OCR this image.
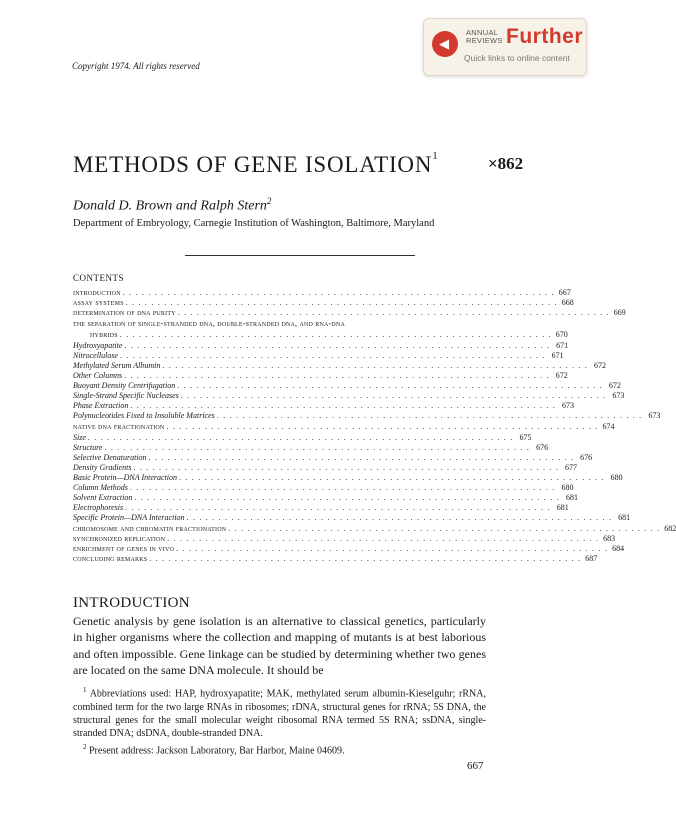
◀
ANNUAL REVIEWS Further
Quick links to online content
Copyright 1974. All rights reserved
METHODS OF GENE $ISOLATION^1$	×862
Donald D. Brown and Ralph Stern$^2$
Department of Embryology, Carnegie Institution of Washington, Baltimore, Maryland
CONTENTS
introduction . . . . . . . . . . . . . . . . . . . . . . . . . . . . . . . . . . . . . . . . . . . . . . . . . . . . . . . . . . . . . . . . . . . . 667
assay systems . . . . . . . . . . . . . . . . . . . . . . . . . . . . . . . . . . . . . . . . . . . . . . . . . . . . . . . . . . . . . . . . . . . . 668
determination of dna purity . . . . . . . . . . . . . . . . . . . . . . . . . . . . . . . . . . . . . . . . . . . . . . . . . . . . . . . . . . . . . . . . . . . . 669
the separation of single-stranded dna, double-stranded dna, and rna-dna
hybrids . . . . . . . . . . . . . . . . . . . . . . . . . . . . . . . . . . . . . . . . . . . . . . . . . . . . . . . . . . . . . . . . . . . . 670
Hydroxyapatite . . . . . . . . . . . . . . . . . . . . . . . . . . . . . . . . . . . . . . . . . . . . . . . . . . . . . . . . . . . . . . . . . . . 671
Nitrocellulose . . . . . . . . . . . . . . . . . . . . . . . . . . . . . . . . . . . . . . . . . . . . . . . . . . . . . . . . . . . . . . . . . . . 671
Methylated Serum Albumin . . . . . . . . . . . . . . . . . . . . . . . . . . . . . . . . . . . . . . . . . . . . . . . . . . . . . . . . . . . . . . . . . . . 672
Other Columns . . . . . . . . . . . . . . . . . . . . . . . . . . . . . . . . . . . . . . . . . . . . . . . . . . . . . . . . . . . . . . . . . . . 672
Buoyant Density Centrifugation . . . . . . . . . . . . . . . . . . . . . . . . . . . . . . . . . . . . . . . . . . . . . . . . . . . . . . . . . . . . . . . . . . . 672
Single-Strand Specific Nucleases . . . . . . . . . . . . . . . . . . . . . . . . . . . . . . . . . . . . . . . . . . . . . . . . . . . . . . . . . . . . . . . . . . . 673
Phase Extraction . . . . . . . . . . . . . . . . . . . . . . . . . . . . . . . . . . . . . . . . . . . . . . . . . . . . . . . . . . . . . . . . . . . 673
Polynucleotides Fixed to Insoluble Matrices . . . . . . . . . . . . . . . . . . . . . . . . . . . . . . . . . . . . . . . . . . . . . . . . . . . . . . . . . . . . . . . . . . . 673
native dna fractionation . . . . . . . . . . . . . . . . . . . . . . . . . . . . . . . . . . . . . . . . . . . . . . . . . . . . . . . . . . . . . . . . . . . . 674
Size . . . . . . . . . . . . . . . . . . . . . . . . . . . . . . . . . . . . . . . . . . . . . . . . . . . . . . . . . . . . . . . . . . . 675
Structure . . . . . . . . . . . . . . . . . . . . . . . . . . . . . . . . . . . . . . . . . . . . . . . . . . . . . . . . . . . . . . . . . . . 676
Selective Denaturation . . . . . . . . . . . . . . . . . . . . . . . . . . . . . . . . . . . . . . . . . . . . . . . . . . . . . . . . . . . . . . . . . . . 676
Density Gradients . . . . . . . . . . . . . . . . . . . . . . . . . . . . . . . . . . . . . . . . . . . . . . . . . . . . . . . . . . . . . . . . . . . 677
Basic Protein—DNA Interaction . . . . . . . . . . . . . . . . . . . . . . . . . . . . . . . . . . . . . . . . . . . . . . . . . . . . . . . . . . . . . . . . . . . 680
Column Methods . . . . . . . . . . . . . . . . . . . . . . . . . . . . . . . . . . . . . . . . . . . . . . . . . . . . . . . . . . . . . . . . . . . 680
Solvent Extraction . . . . . . . . . . . . . . . . . . . . . . . . . . . . . . . . . . . . . . . . . . . . . . . . . . . . . . . . . . . . . . . . . . . 681
Electrophoresis . . . . . . . . . . . . . . . . . . . . . . . . . . . . . . . . . . . . . . . . . . . . . . . . . . . . . . . . . . . . . . . . . . . 681
Specific Protein—DNA Interaction . . . . . . . . . . . . . . . . . . . . . . . . . . . . . . . . . . . . . . . . . . . . . . . . . . . . . . . . . . . . . . . . . . . 681
chromosome and chromatin fractionation . . . . . . . . . . . . . . . . . . . . . . . . . . . . . . . . . . . . . . . . . . . . . . . . . . . . . . . . . . . . . . . . . . . . 682
synchronized replication . . . . . . . . . . . . . . . . . . . . . . . . . . . . . . . . . . . . . . . . . . . . . . . . . . . . . . . . . . . . . . . . . . . . 683
enrichment of genes in vivo . . . . . . . . . . . . . . . . . . . . . . . . . . . . . . . . . . . . . . . . . . . . . . . . . . . . . . . . . . . . . . . . . . . . 684
concluding remarks . . . . . . . . . . . . . . . . . . . . . . . . . . . . . . . . . . . . . . . . . . . . . . . . . . . . . . . . . . . . . . . . . . . . 687
INTRODUCTION
Genetic analysis by gene isolation is an alternative to classical genetics, particularly in higher organisms where the collection and mapping of mutants is at best laborious and often impossible. Gene linkage can be studied by determining whether two genes are located on the same DNA molecule. It should be

$^1$ Abbreviations used: HAP, hydroxyapatite; MAK, methylated serum albumin-Kieselguhr; rRNA, combined term for the two large RNAs in ribosomes; rDNA, structural genes for rRNA; 5S DNA, the structural genes for the small molecular weight ribosomal RNA termed 5S RNA; ssDNA, single-stranded DNA; dsDNA, double-stranded DNA.

$^2$ Present address: Jackson Laboratory, Bar Harbor, Maine 04609.

667
